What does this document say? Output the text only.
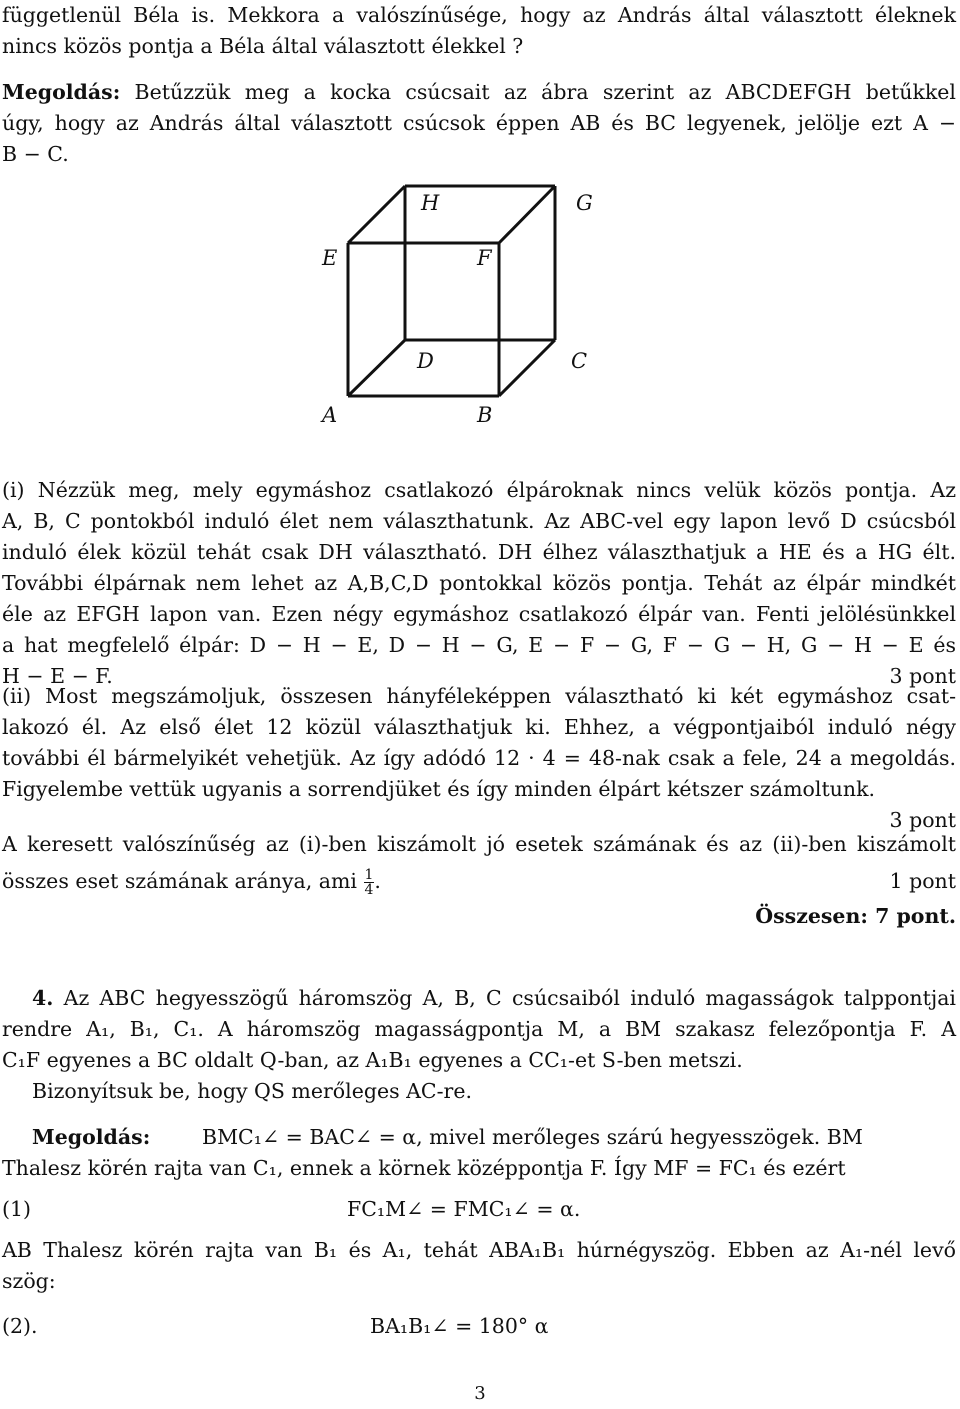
függetlenül Béla is. Mekkora a valószínűsége, hogy az András által választott éleknek
nincs közös pontja a Béla által választott élekkel ?
Megoldás: Betűzzük meg a kocka csúcsait az ábra szerint az ABCDEFGH betűkkel
úgy, hogy az András által választott csúcsok éppen AB és BC legyenek, jelölje ezt A −
B − C.
H	G
E	F
D	C
A	B
(i) Nézzük meg, mely egymáshoz csatlakozó élpároknak nincs velük közös pontja. Az
A, B, C pontokból induló élet nem választhatunk. Az ABC-vel egy lapon levő D csúcsból
induló élek közül tehát csak DH választható. DH élhez választhatjuk a HE és a HG élt.
További élpárnak nem lehet az A,B,C,D pontokkal közös pontja. Tehát az élpár mindkét
éle az EFGH lapon van. Ezen négy egymáshoz csatlakozó élpár van. Fenti jelölésünkkel
a hat megfelelő élpár: D − H − E, D − H − G, E − F − G, F − G − H, G − H − E és
H − E − F.	3 pont
(ii) Most megszámoljuk, összesen hányféleképpen választható ki két egymáshoz csat-
lakozó él. Az első élet 12 közül választhatjuk ki. Ehhez, a végpontjaiból induló négy
további él bármelyikét vehetjük. Az így adódó 12 · 4 = 48-nak csak a fele, 24 a megoldás.
Figyelembe vettük ugyanis a sorrendjüket és így minden élpárt kétszer számoltunk.
3 pont
A keresett valószínűség az (i)-ben kiszámolt jó esetek számának és az (ii)-ben kiszámolt
összes eset számának aránya, ami $\frac{1}{4}$ .	1 pont
Összesen: 7 pont.
4. Az ABC hegyesszögű háromszög A, B, C csúcsaiból induló magasságok talppontjai
rendre A₁, B₁, C₁. A háromszög magasságpontja M, a BM szakasz felezőpontja F. A
C₁F egyenes a BC oldalt Q-ban, az A₁B₁ egyenes a CC₁-et S-ben metszi.
Bizonyítsuk be, hogy QS merőleges AC-re.
Megoldás:	BMC₁∠ = BAC∠ = α, mivel merőleges szárú hegyesszögek. BM
Thalesz körén rajta van C₁, ennek a körnek középpontja F. Így MF = FC₁ és ezért
(1)	FC₁M∠ = FMC₁∠ = α.
AB Thalesz körén rajta van B₁ és A₁, tehát ABA₁B₁ húrnégyszög. Ebben az A₁-nél levő
szög:
(2).	BA₁B₁∠ = 180° α
3
